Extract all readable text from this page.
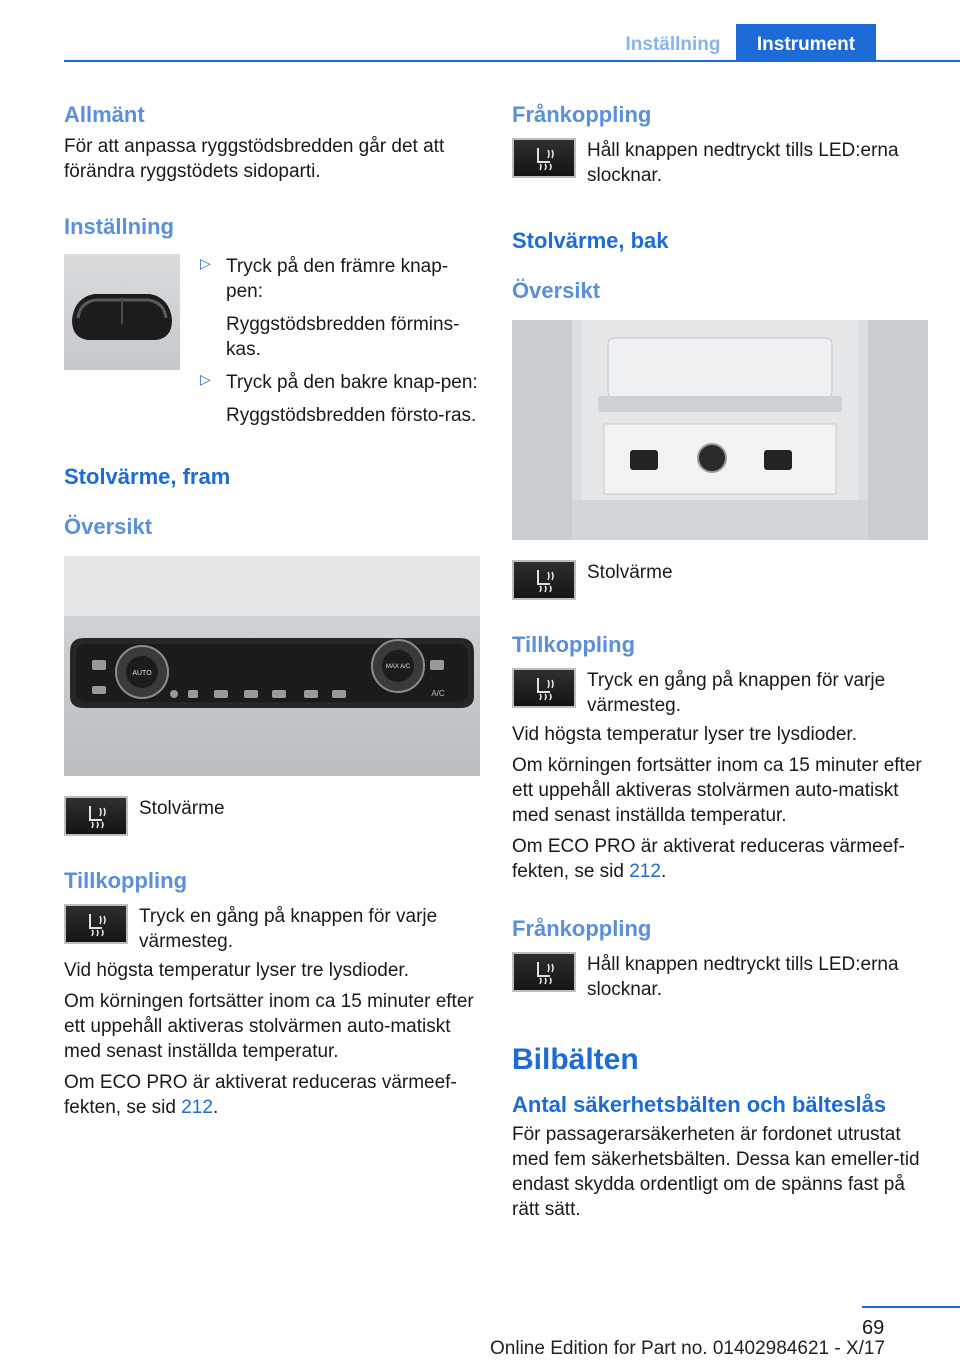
Inställning	Instrument
Allmänt

För att anpassa ryggstödsbredden går det att förändra ryggstödets sidoparti.

Inställning
▷ Tryck på den främre knap-pen:
Ryggstödsbredden förmins-kas.
▷ Tryck på den bakre knap-pen:
Ryggstödsbredden försto-ras.
Stolvärme, fram
Översikt
AUTO
MAX A/C
A/C
Stolvärme
Tillkoppling
Tryck en gång på knappen för varje värmesteg.

Vid högsta temperatur lyser tre lysdioder.

Om körningen fortsätter inom ca 15 minuter efter ett uppehåll aktiveras stolvärmen auto-matiskt med senast inställda temperatur.

Om ECO PRO är aktiverat reduceras värmeef-fekten, se sid 212.

Frånkoppling
Håll knappen nedtryckt tills LED:erna slocknar.
Stolvärme, bak
Översikt
Stolvärme
Tillkoppling
Tryck en gång på knappen för varje värmesteg.

Vid högsta temperatur lyser tre lysdioder.

Om körningen fortsätter inom ca 15 minuter efter ett uppehåll aktiveras stolvärmen auto-matiskt med senast inställda temperatur.

Om ECO PRO är aktiverat reduceras värmeef-fekten, se sid 212.

Frånkoppling
Håll knappen nedtryckt tills LED:erna slocknar.
Bilbälten
Antal säkerhetsbälten och bälteslås

För passagerarsäkerheten är fordonet utrustat med fem säkerhetsbälten. Dessa kan emeller-tid endast skydda ordentligt om de spänns fast på rätt sätt.

69
Online Edition for Part no. 01402984621 - X/17
